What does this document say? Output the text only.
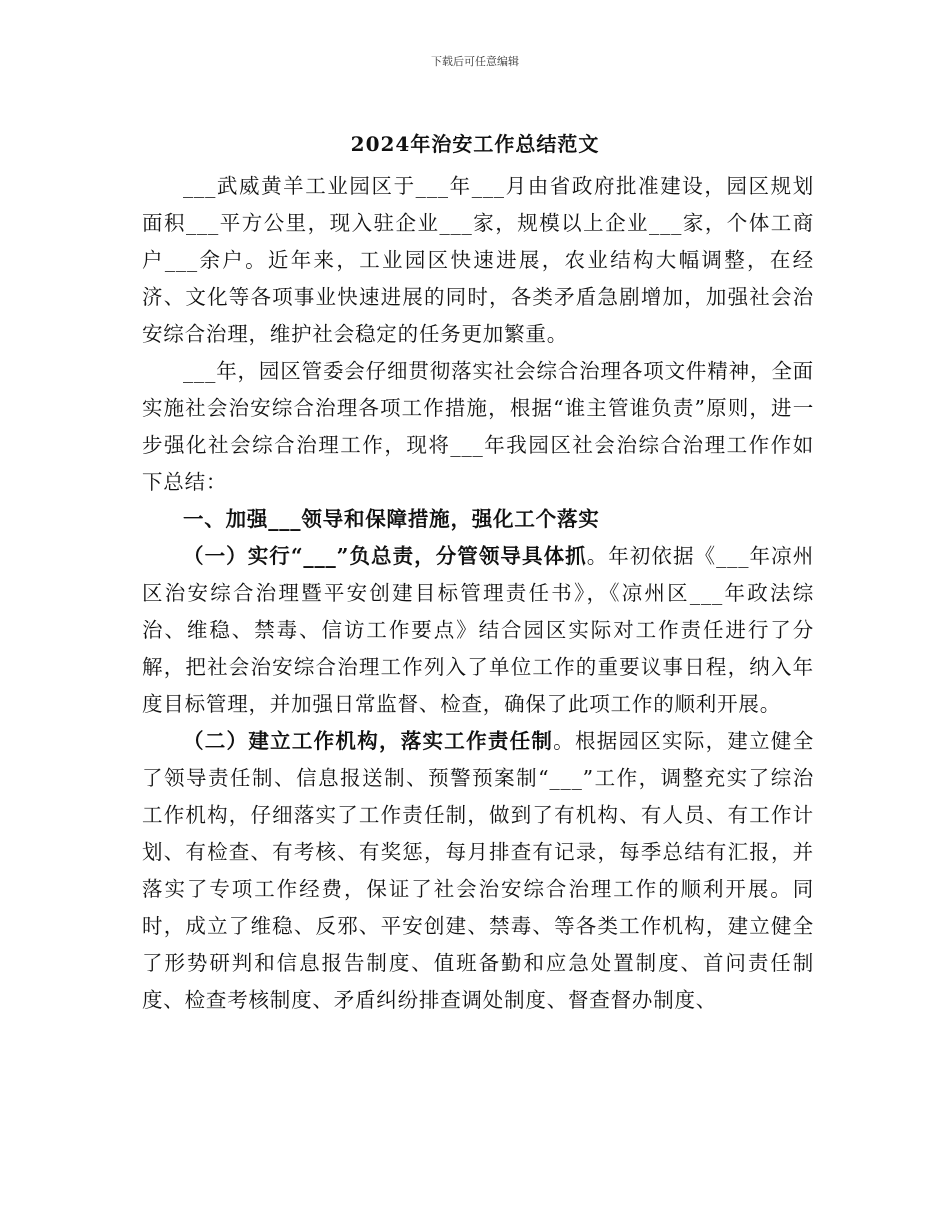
下载后可任意编辑
2024年治安工作总结范文

___武威黄羊工业园区于___年___月由省政府批准建设，园区规划面积___平方公里，现入驻企业___家，规模以上企业___家，个体工商户___余户。近年来，工业园区快速进展，农业结构大幅调整，在经济、文化等各项事业快速进展的同时，各类矛盾急剧增加，加强社会治安综合治理，维护社会稳定的任务更加繁重。

___年，园区管委会仔细贯彻落实社会综合治理各项文件精神，全面实施社会治安综合治理各项工作措施，根据“谁主管谁负责”原则，进一步强化社会综合治理工作，现将___年我园区社会治综合治理工作作如下总结：

一、加强___领导和保障措施，强化工个落实

（一）实行“___”负总责，分管领导具体抓。年初依据《___年凉州区治安综合治理暨平安创建目标管理责任书》，《凉州区___年政法综治、维稳、禁毒、信访工作要点》结合园区实际对工作责任进行了分解，把社会治安综合治理工作列入了单位工作的重要议事日程，纳入年度目标管理，并加强日常监督、检查，确保了此项工作的顺利开展。

（二）建立工作机构，落实工作责任制。根据园区实际，建立健全了领导责任制、信息报送制、预警预案制“___”工作，调整充实了综治工作机构，仔细落实了工作责任制，做到了有机构、有人员、有工作计划、有检查、有考核、有奖惩，每月排查有记录，每季总结有汇报，并落实了专项工作经费，保证了社会治安综合治理工作的顺利开展。同时，成立了维稳、反邪、平安创建、禁毒、等各类工作机构，建立健全了形势研判和信息报告制度、值班备勤和应急处置制度、首问责任制度、检查考核制度、矛盾纠纷排查调处制度、督查督办制度、
